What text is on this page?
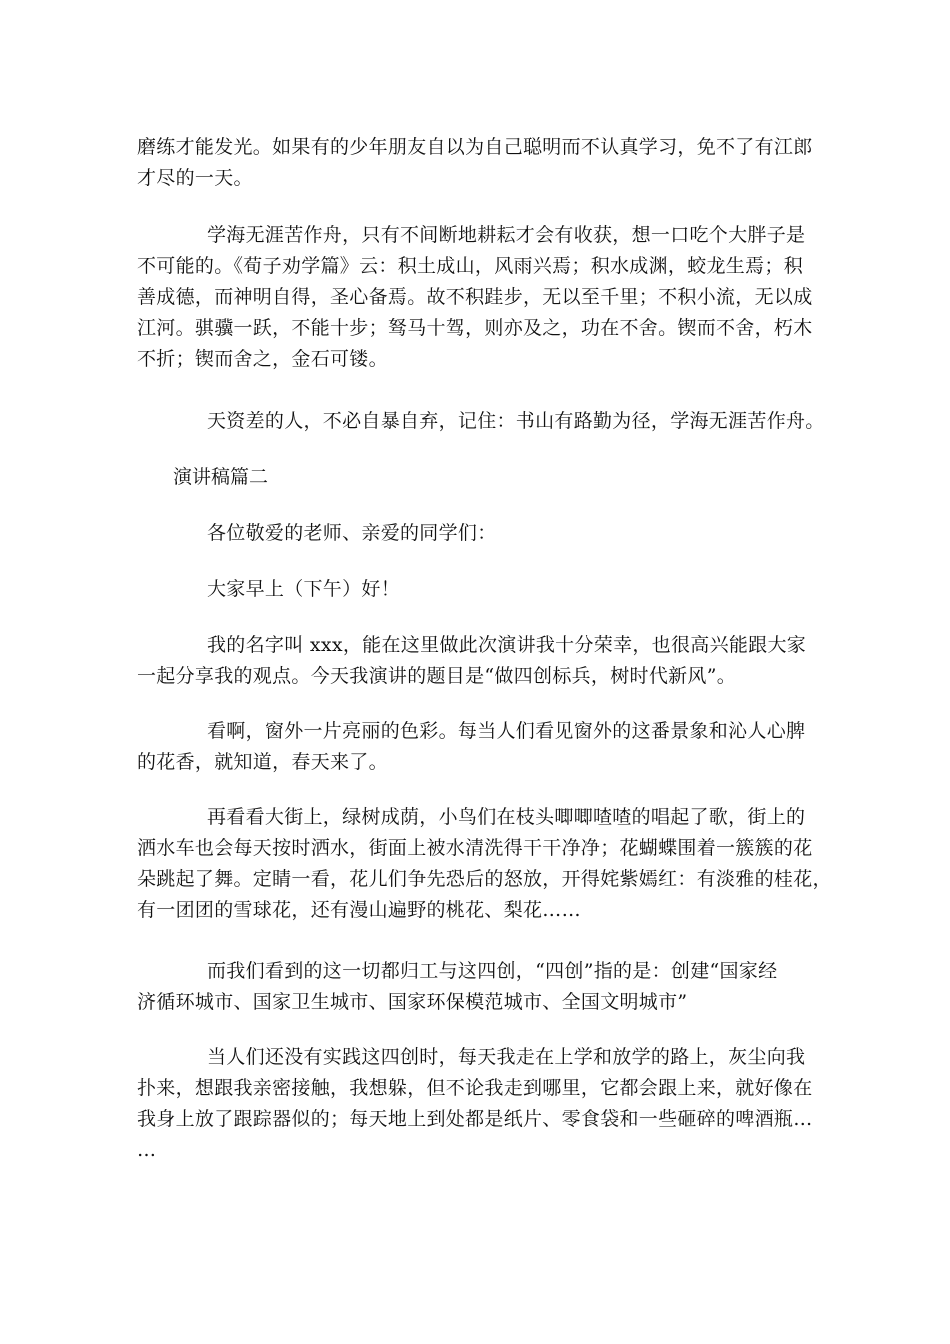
磨练才能发光。如果有的少年朋友自以为自己聪明而不认真学习，免不了有江郎
才尽的一天。

学海无涯苦作舟，只有不间断地耕耘才会有收获，想一口吃个大胖子是
不可能的。《荀子劝学篇》云：积土成山，风雨兴焉；积水成渊，蛟龙生焉；积
善成德，而神明自得，圣心备焉。故不积跬步，无以至千里；不积小流，无以成
江河。骐骥一跃，不能十步；驽马十驾，则亦及之，功在不舍。锲而不舍，朽木
不折；锲而舍之，金石可镂。

天资差的人，不必自暴自弃，记住：书山有路勤为径，学海无涯苦作舟。

演讲稿篇二

各位敬爱的老师、亲爱的同学们：

大家早上（下午）好！

我的名字叫 xxx，能在这里做此次演讲我十分荣幸，也很高兴能跟大家
一起分享我的观点。今天我演讲的题目是“做四创标兵，树时代新风”。

看啊，窗外一片亮丽的色彩。每当人们看见窗外的这番景象和沁人心脾
的花香，就知道，春天来了。

再看看大街上，绿树成荫，小鸟们在枝头唧唧喳喳的唱起了歌，街上的
洒水车也会每天按时洒水，街面上被水清洗得干干净净；花蝴蝶围着一簇簇的花
朵跳起了舞。定睛一看，花儿们争先恐后的怒放，开得姹紫嫣红：有淡雅的桂花，
有一团团的雪球花，还有漫山遍野的桃花、梨花……

而我们看到的这一切都归工与这四创，“四创”指的是：创建“国家经
济循环城市、国家卫生城市、国家环保模范城市、全国文明城市”

当人们还没有实践这四创时，每天我走在上学和放学的路上，灰尘向我
扑来，想跟我亲密接触，我想躲，但不论我走到哪里，它都会跟上来，就好像在
我身上放了跟踪器似的；每天地上到处都是纸片、零食袋和一些砸碎的啤酒瓶…
…
